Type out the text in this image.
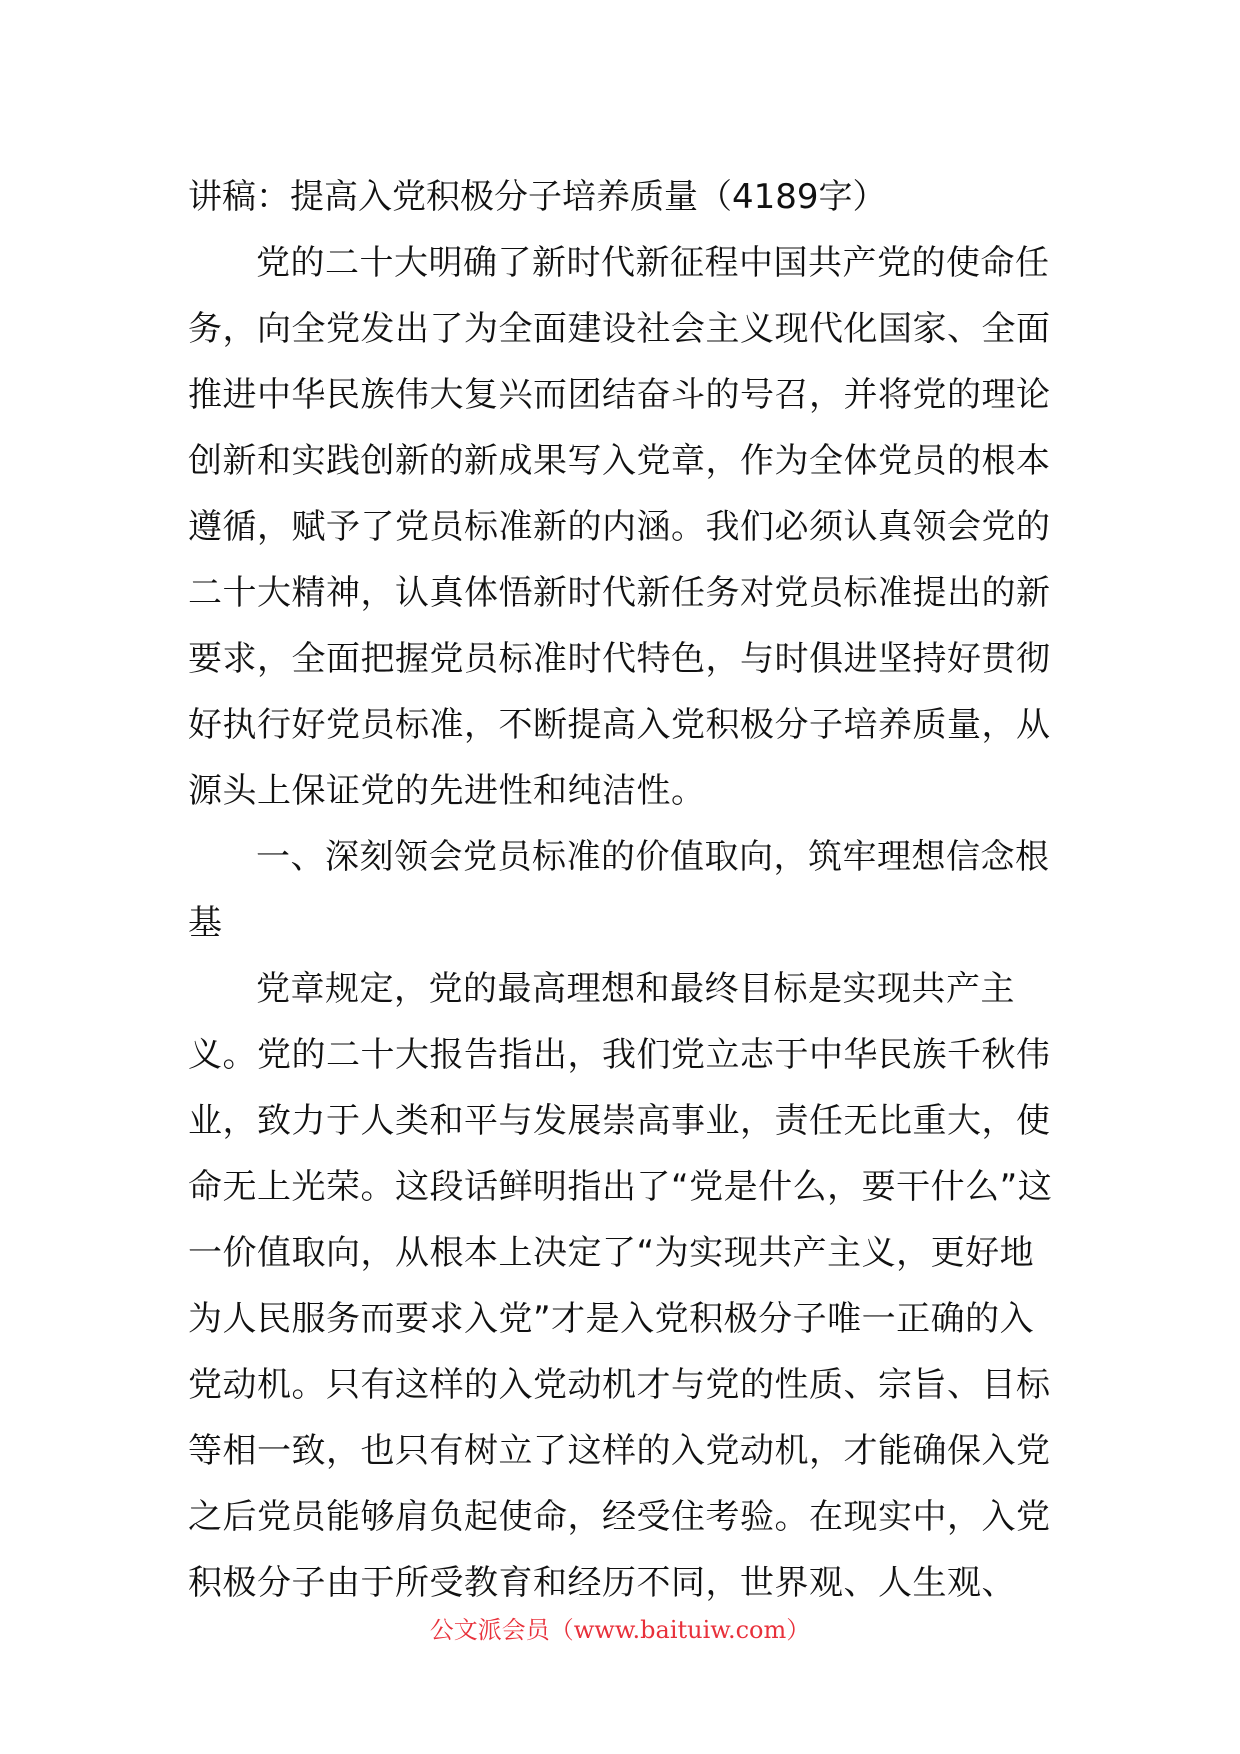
讲稿：提高入党积极分子培养质量（4189字）

党的二十大明确了新时代新征程中国共产党的使命任务，向全党发出了为全面建设社会主义现代化国家、全面推进中华民族伟大复兴而团结奋斗的号召，并将党的理论创新和实践创新的新成果写入党章，作为全体党员的根本遵循，赋予了党员标准新的内涵。我们必须认真领会党的二十大精神，认真体悟新时代新任务对党员标准提出的新要求，全面把握党员标准时代特色，与时俱进坚持好贯彻好执行好党员标准，不断提高入党积极分子培养质量，从源头上保证党的先进性和纯洁性。

一、深刻领会党员标准的价值取向，筑牢理想信念根基

党章规定，党的最高理想和最终目标是实现共产主义。党的二十大报告指出，我们党立志于中华民族千秋伟业，致力于人类和平与发展崇高事业，责任无比重大，使命无上光荣。这段话鲜明指出了“党是什么，要干什么”这一价值取向，从根本上决定了“为实现共产主义，更好地为人民服务而要求入党”才是入党积极分子唯一正确的入党动机。只有这样的入党动机才与党的性质、宗旨、目标等相一致，也只有树立了这样的入党动机，才能确保入党之后党员能够肩负起使命，经受住考验。在现实中，入党积极分子由于所受教育和经历不同，世界观、人生观、

公文派会员（www.baituiw.com）
